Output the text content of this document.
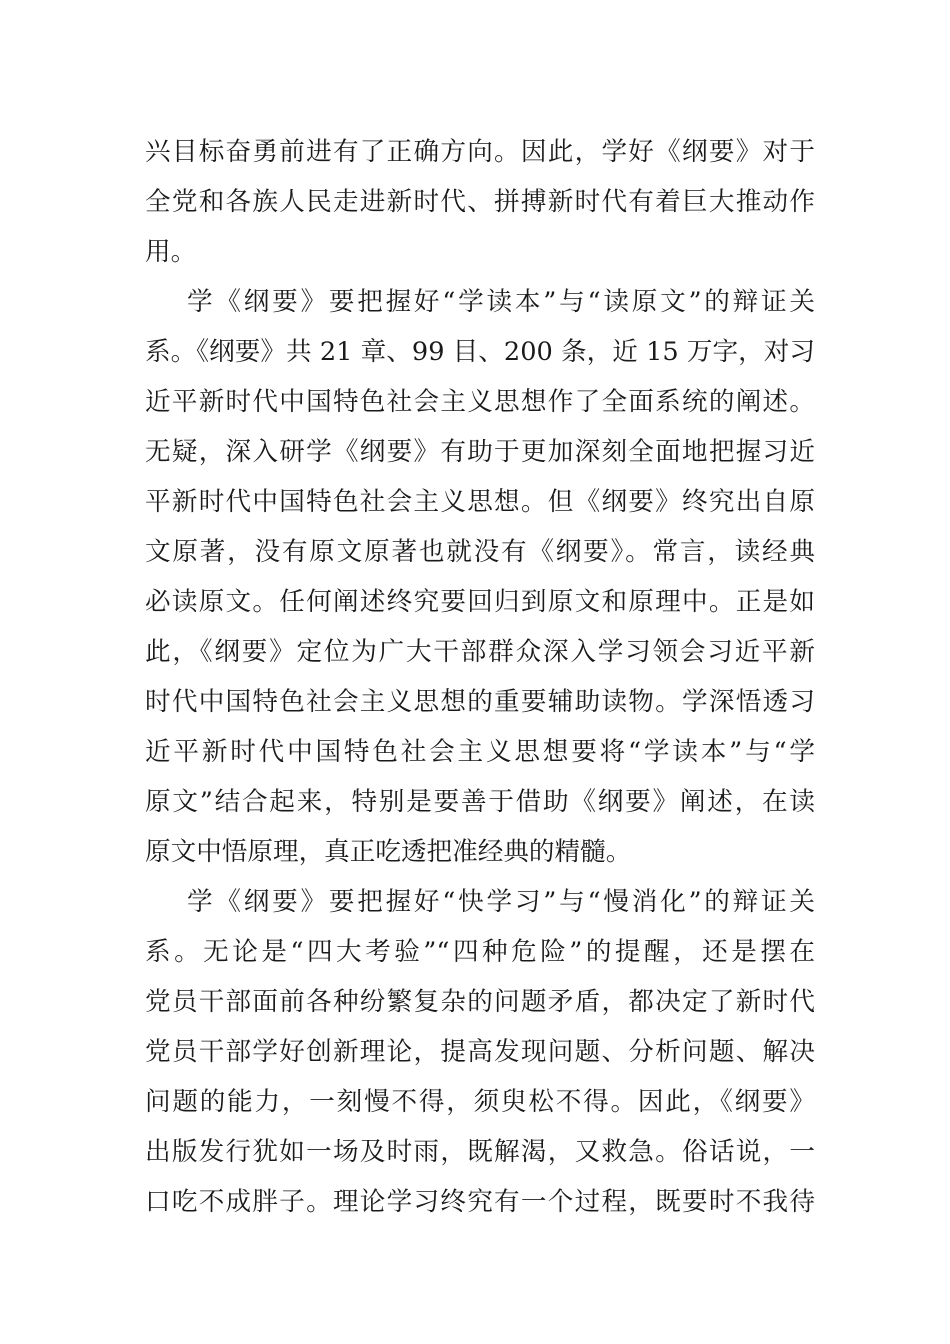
兴目标奋勇前进有了正确方向。因此，学好《纲要》对于
全党和各族人民走进新时代、拼搏新时代有着巨大推动作
用。
学《纲要》要把握好“学读本”与“读原文”的辩证关
系。《纲要》共 21 章、99 目、200 条，近 15 万字，对习
近平新时代中国特色社会主义思想作了全面系统的阐述。
无疑，深入研学《纲要》有助于更加深刻全面地把握习近
平新时代中国特色社会主义思想。但《纲要》终究出自原
文原著，没有原文原著也就没有《纲要》。常言，读经典
必读原文。任何阐述终究要回归到原文和原理中。正是如
此，《纲要》定位为广大干部群众深入学习领会习近平新
时代中国特色社会主义思想的重要辅助读物。学深悟透习
近平新时代中国特色社会主义思想要将“学读本”与“学
原文”结合起来，特别是要善于借助《纲要》阐述，在读
原文中悟原理，真正吃透把准经典的精髓。
学《纲要》要把握好“快学习”与“慢消化”的辩证关
系。无论是“四大考验”“四种危险”的提醒，还是摆在
党员干部面前各种纷繁复杂的问题矛盾，都决定了新时代
党员干部学好创新理论，提高发现问题、分析问题、解决
问题的能力，一刻慢不得，须臾松不得。因此，《纲要》
出版发行犹如一场及时雨，既解渴，又救急。俗话说，一
口吃不成胖子。理论学习终究有一个过程，既要时不我待
